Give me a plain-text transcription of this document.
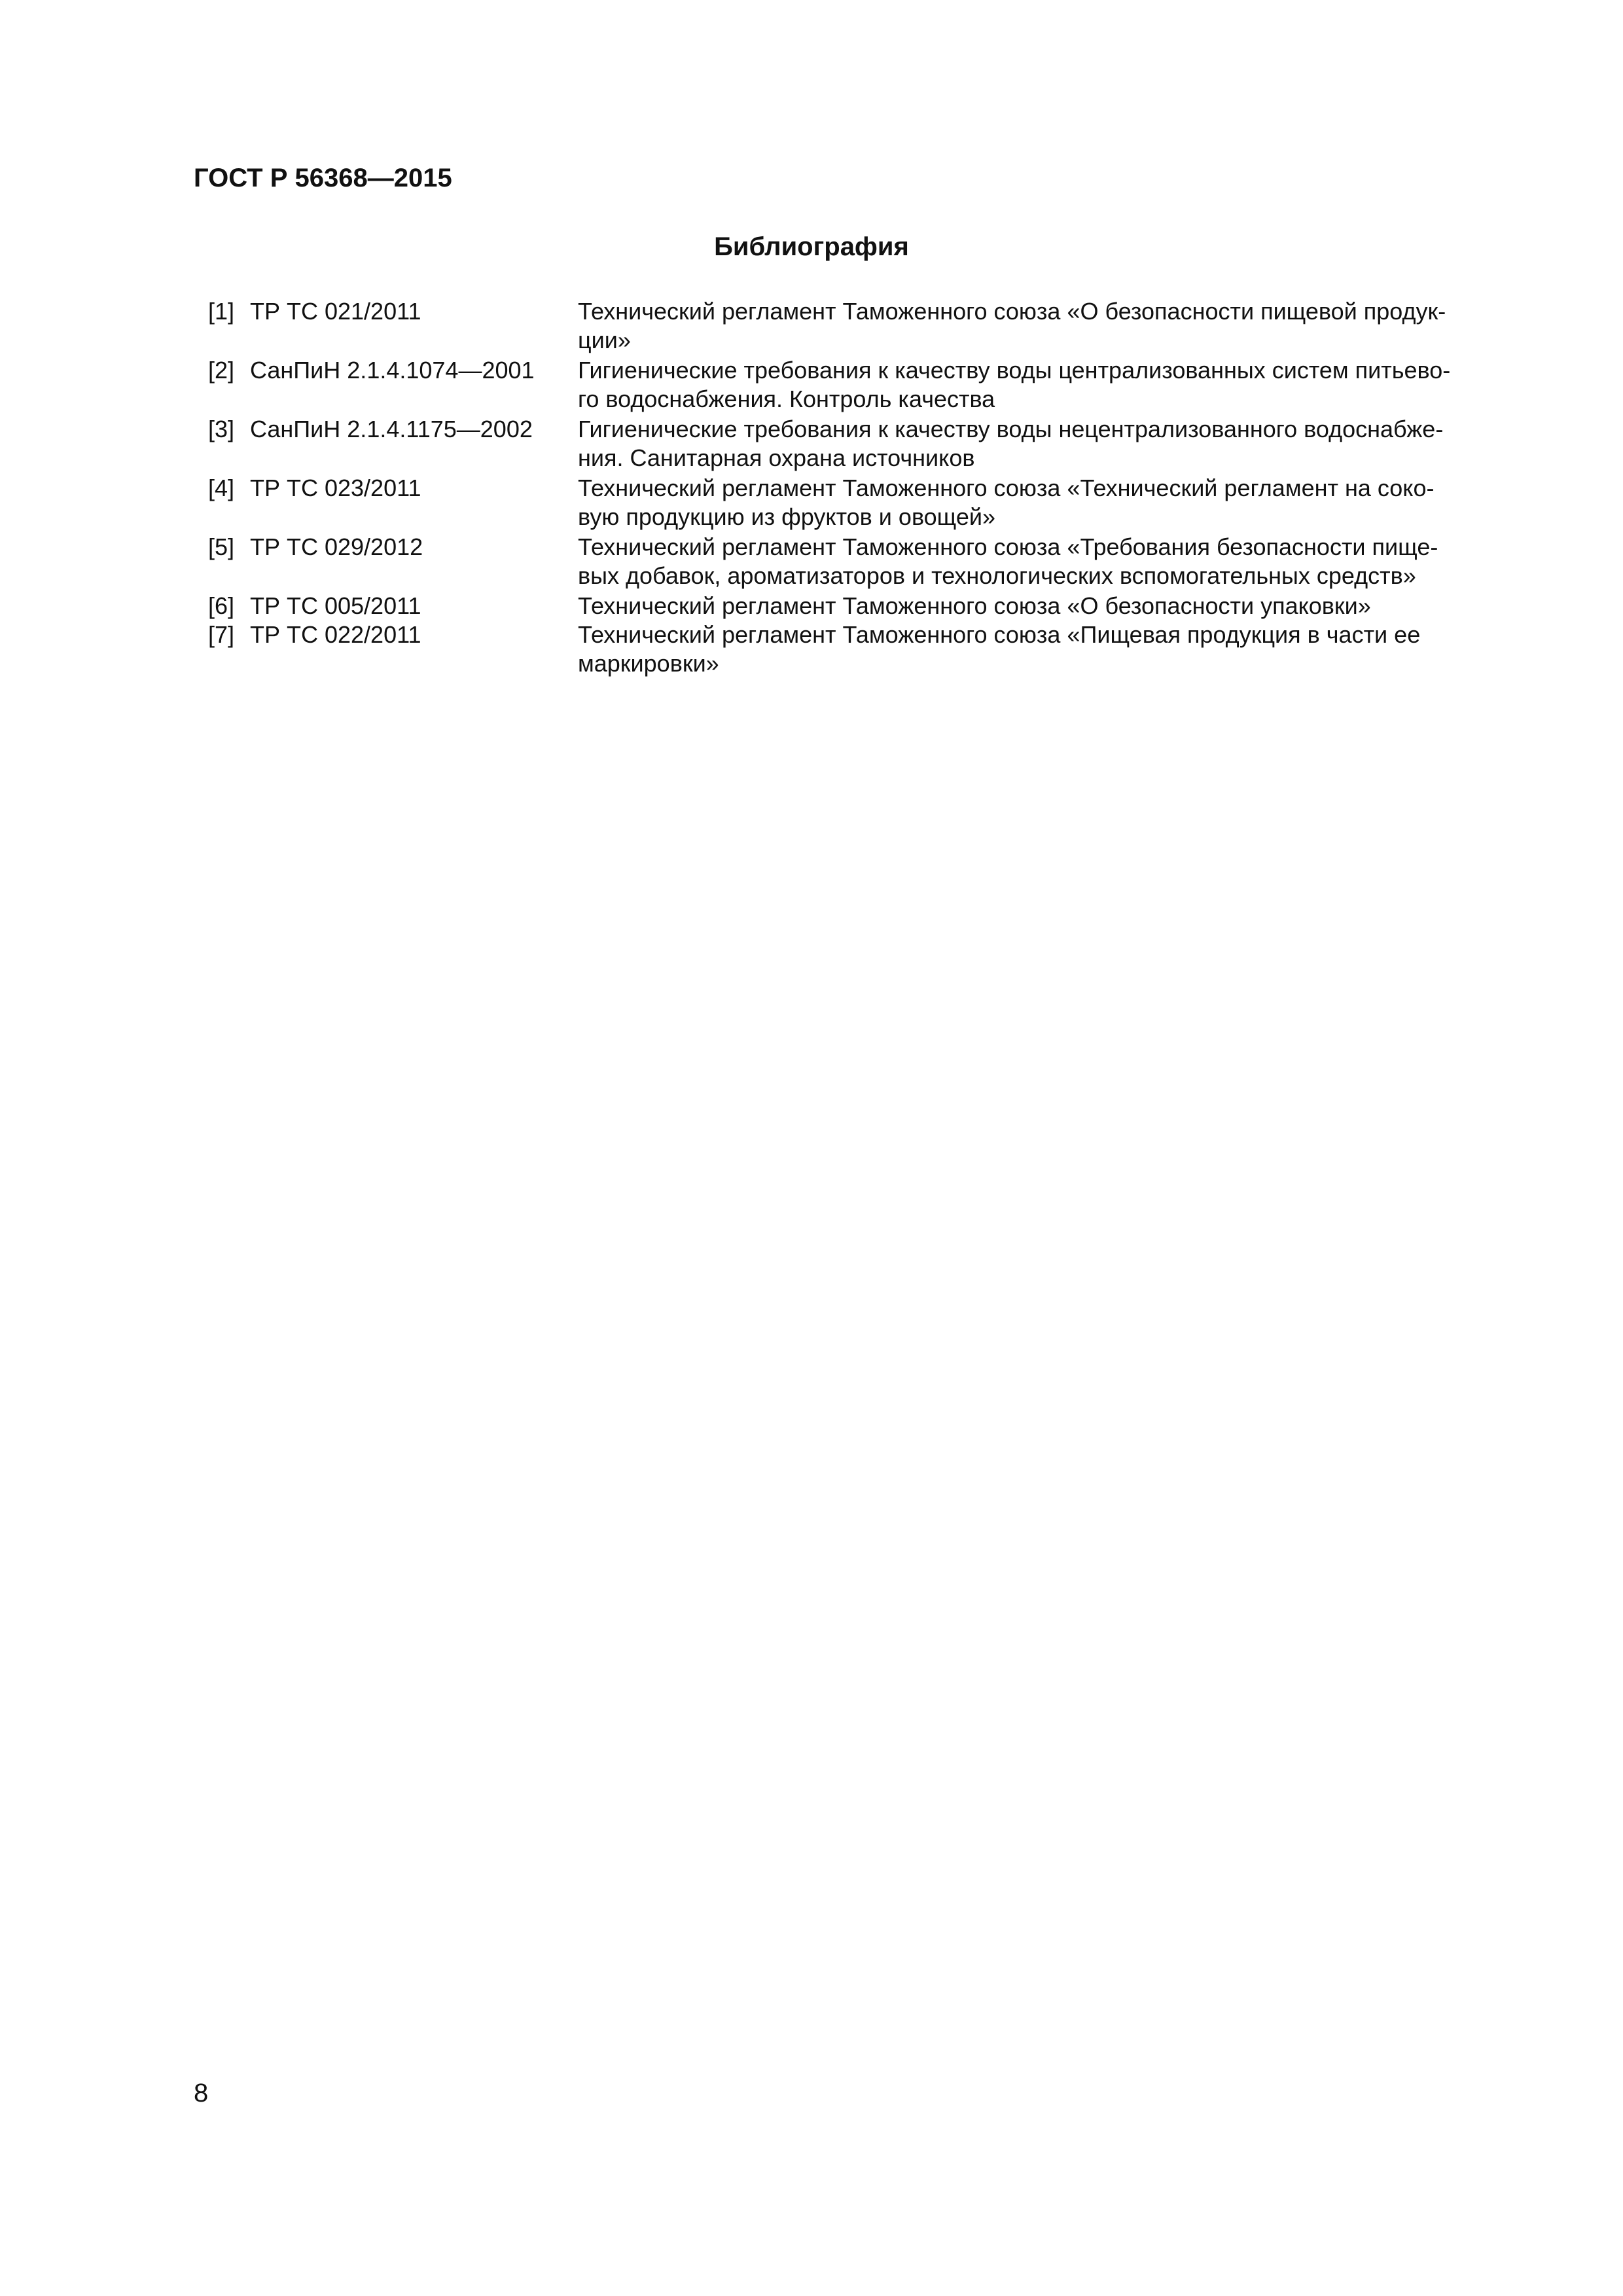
ГОСТ Р 56368—2015
Библиография
[1] ТР ТС 021/2011	Технический регламент Таможенного союза «О безопасности пищевой продук-
ции»
[2] СанПиН 2.1.4.1074—2001 Гигиенические требования к качеству воды централизованных систем питьево-
го водоснабжения. Контроль качества
[3] СанПиН 2.1.4.1175—2002 Гигиенические требования к качеству воды нецентрализованного водоснабже-
ния. Санитарная охрана источников
[4] ТР ТС 023/2011	Технический регламент Таможенного союза «Технический регламент на соко-
вую продукцию из фруктов и овощей»
[5] ТР ТС 029/2012	Технический регламент Таможенного союза «Требования безопасности пище-
вых добавок, ароматизаторов и технологических вспомогательных средств»
[6] ТР ТС 005/2011	Технический регламент Таможенного союза «О безопасности упаковки»
[7] ТР ТС 022/2011	Технический регламент Таможенного союза «Пищевая продукция в части ее
маркировки»
8
